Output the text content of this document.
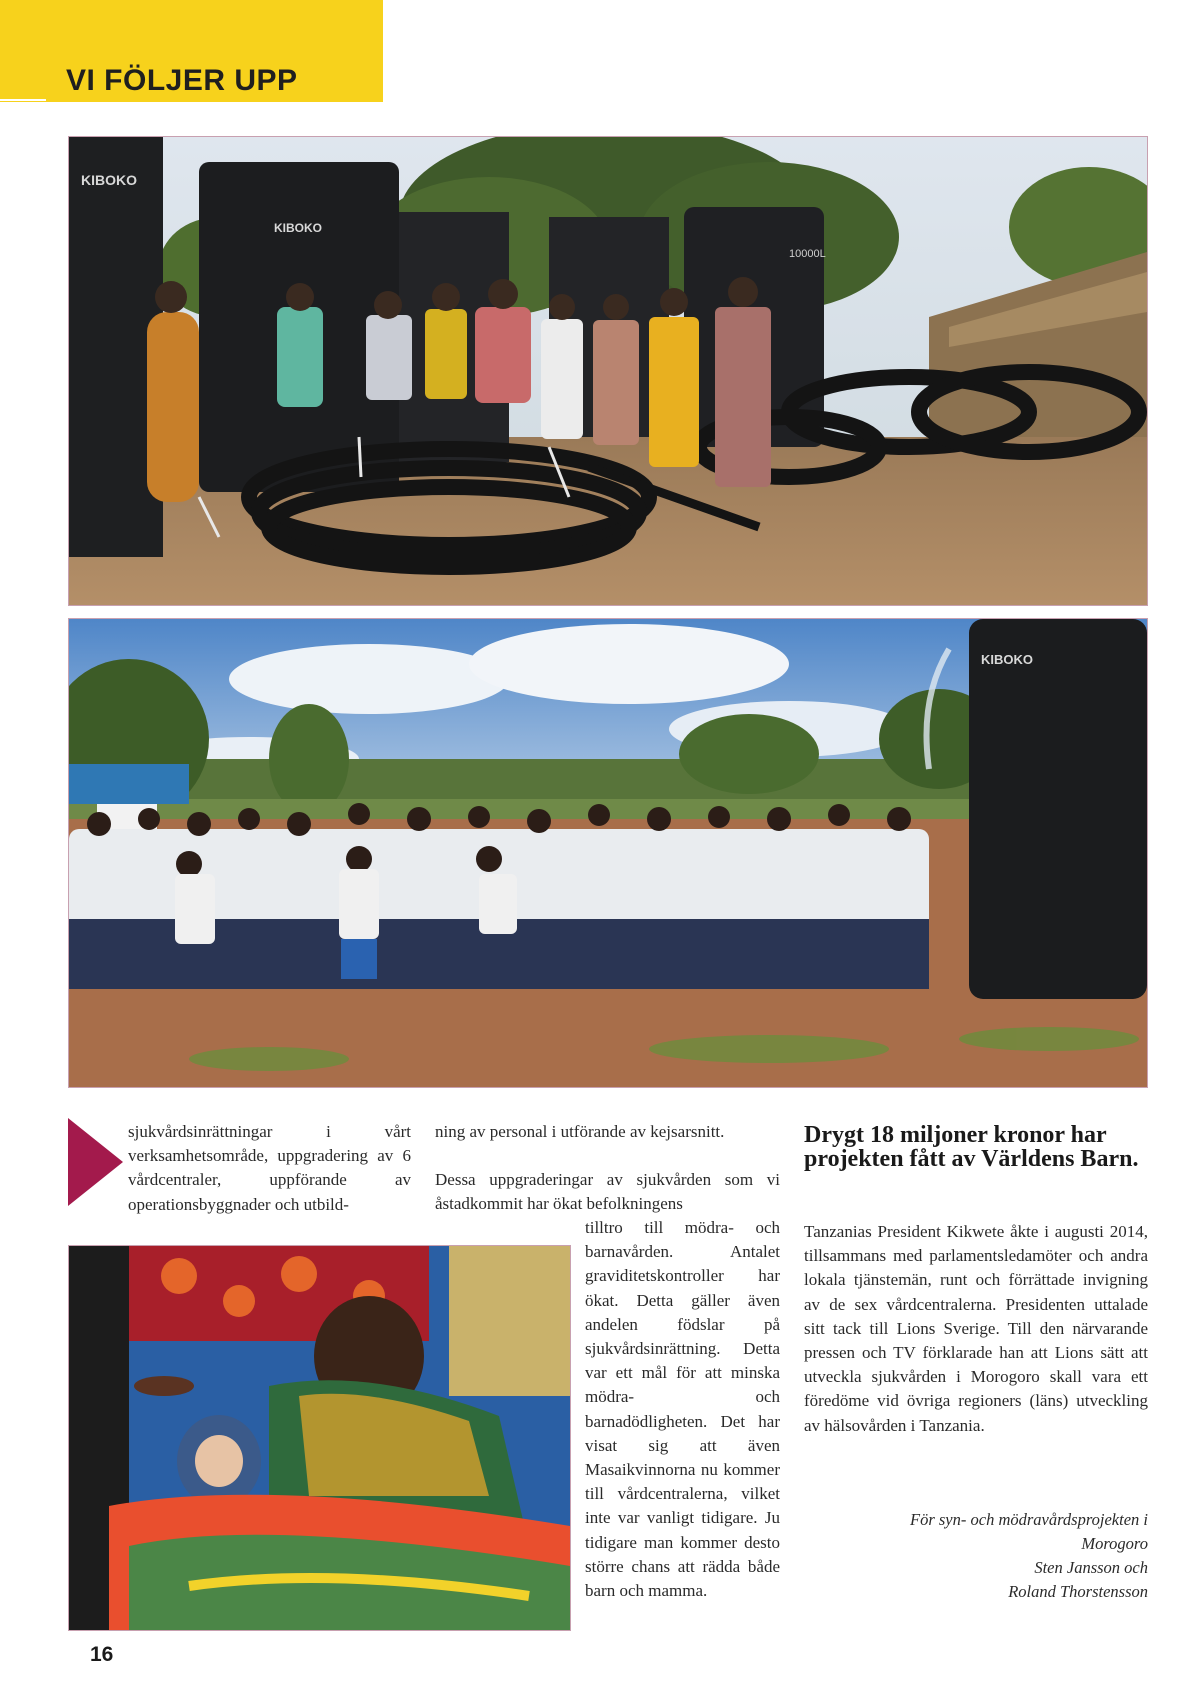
VI FÖLJER UPP
KIBOKO
KIBOKO
10000L
KIBOKO

sjukvårdsinrättningar i vårt verksamhetsområde, uppgradering av 6 vårdcentraler, uppförande av operationsbyggnader och utbild-

ning av personal i utförande av kejsarsnitt.

Dessa uppgraderingar av sjukvården som vi åstadkommit har ökat befolkningens

tilltro till mödra- och barnavården. Antalet graviditetskontroller har ökat. Detta gäller även andelen födslar på sjukvårdsinrättning. Detta var ett mål för att minska mödra- och barnadödligheten. Det har visat sig att även Masaikvinnorna nu kommer till vårdcentralerna, vilket inte var vanligt tidigare. Ju tidigare man kommer desto större chans att rädda både barn och mamma.

Drygt 18 miljoner kronor har projekten fått av Världens Barn.

Tanzanias President Kikwete åkte i augusti 2014, tillsammans med parlamentsledamöter och andra lokala tjänstemän, runt och förrättade invigning av de sex vårdcentralerna. Presidenten uttalade sitt tack till Lions Sverige. Till den närvarande pressen och TV förklarade han att Lions sätt att utveckla sjukvården i Morogoro skall vara ett föredöme vid övriga regioners (läns) utveckling av hälsovården i Tanzania.

För syn- och mödravårdsprojekten i
Morogoro
Sten Jansson och
Roland Thorstensson

16
